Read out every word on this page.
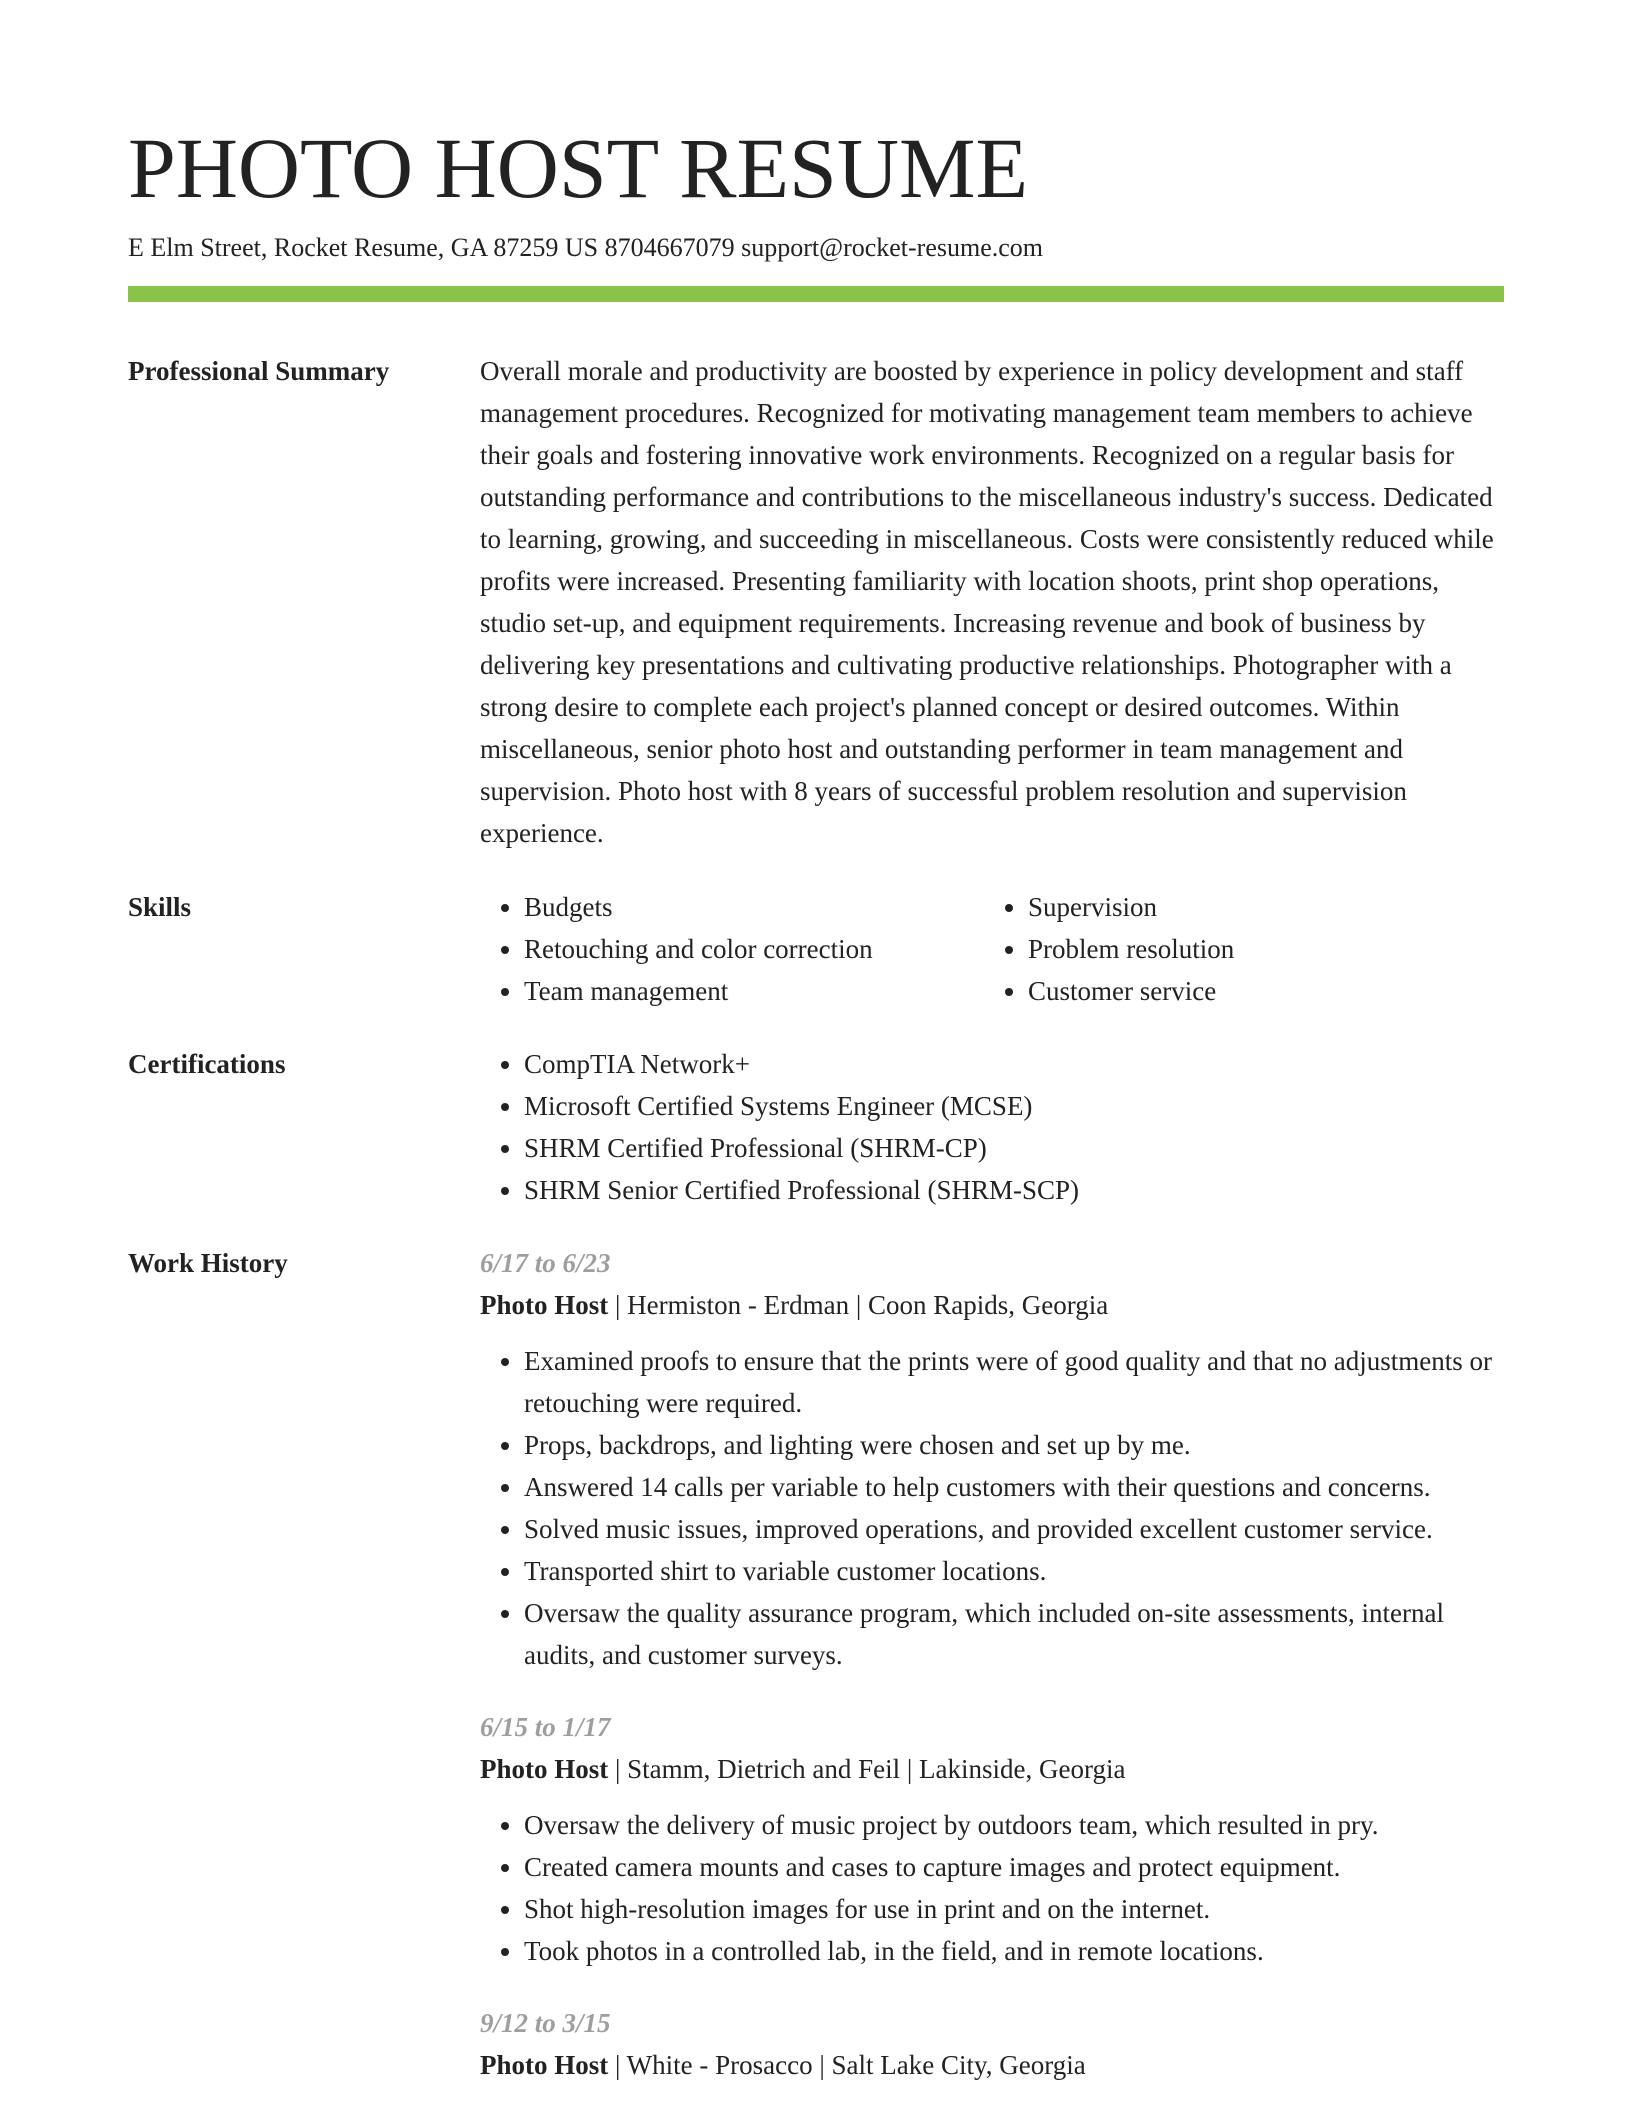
PHOTO HOST RESUME
E Elm Street, Rocket Resume, GA 87259 US 8704667079 support@rocket-resume.com
Professional Summary	Overall morale and productivity are boosted by experience in policy development and staff management procedures. Recognized for motivating management team members to achieve their goals and fostering innovative work environments. Recognized on a regular basis for outstanding performance and contributions to the miscellaneous industry's success. Dedicated to learning, growing, and succeeding in miscellaneous. Costs were consistently reduced while profits were increased. Presenting familiarity with location shoots, print shop operations, studio set-up, and equipment requirements. Increasing revenue and book of business by delivering key presentations and cultivating productive relationships. Photographer with a strong desire to complete each project's planned concept or desired outcomes. Within miscellaneous, senior photo host and outstanding performer in team management and supervision. Photo host with 8 years of successful problem resolution and supervision experience.

Skills	• Budgets
• Retouching and color correction
• Team management
• Supervision
• Problem resolution
• Customer service
Certifications	• CompTIA Network+
• Microsoft Certified Systems Engineer (MCSE)
• SHRM Certified Professional (SHRM-CP)
• SHRM Senior Certified Professional (SHRM-SCP)
Work History	6/17 to 6/23
Photo Host | Hermiston - Erdman | Coon Rapids, Georgia
• Examined proofs to ensure that the prints were of good quality and that no adjustments or retouching were required.
• Props, backdrops, and lighting were chosen and set up by me.
• Answered 14 calls per variable to help customers with their questions and concerns.
• Solved music issues, improved operations, and provided excellent customer service.
• Transported shirt to variable customer locations.
• Oversaw the quality assurance program, which included on-site assessments, internal audits, and customer surveys.
6/15 to 1/17
Photo Host | Stamm, Dietrich and Feil | Lakinside, Georgia
• Oversaw the delivery of music project by outdoors team, which resulted in pry.
• Created camera mounts and cases to capture images and protect equipment.
• Shot high-resolution images for use in print and on the internet.
• Took photos in a controlled lab, in the field, and in remote locations.
9/12 to 3/15
Photo Host | White - Prosacco | Salt Lake City, Georgia
